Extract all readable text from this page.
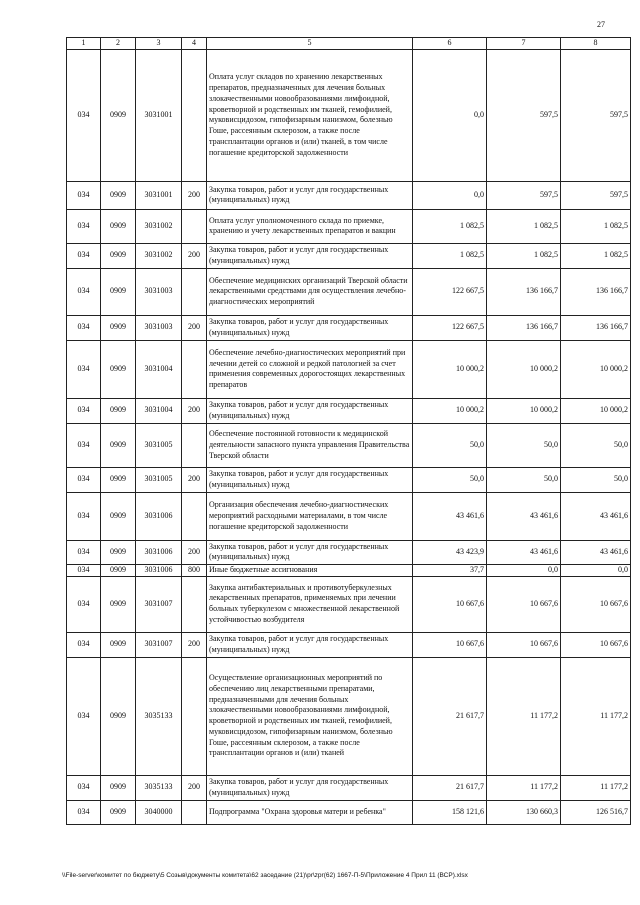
27
1	2	3	4	5	6	7	8
034	0909	3031001		Оплата услуг складов по хранению лекарственных препаратов, предназначенных для лечения больных злокачественными новообразованиями лимфоидной, кроветворной и родственных им тканей, гемофилией, муковисцидозом, гипофизарным нанизмом, болезнью Гоше, рассеянным склерозом, а также после трансплантации органов и (или) тканей, в том числе погашение кредиторской задолженности	0,0	597,5	597,5
034	0909	3031001	200	Закупка товаров, работ и услуг для государственных (муниципальных) нужд	0,0	597,5	597,5
034	0909	3031002		Оплата услуг уполномоченного склада по приемке, хранению и учету лекарственных препаратов и вакцин	1 082,5	1 082,5	1 082,5
034	0909	3031002	200	Закупка товаров, работ и услуг для государственных (муниципальных) нужд	1 082,5	1 082,5	1 082,5
034	0909	3031003		Обеспечение медицинских организаций Тверской области лекарственными средствами для осуществления лечебно-диагностических мероприятий	122 667,5	136 166,7	136 166,7
034	0909	3031003	200	Закупка товаров, работ и услуг для государственных (муниципальных) нужд	122 667,5	136 166,7	136 166,7
034	0909	3031004		Обеспечение лечебно-диагностических мероприятий при лечении детей со сложной и редкой патологией за счет применения современных дорогостоящих лекарственных препаратов	10 000,2	10 000,2	10 000,2
034	0909	3031004	200	Закупка товаров, работ и услуг для государственных (муниципальных) нужд	10 000,2	10 000,2	10 000,2
034	0909	3031005		Обеспечение постоянной готовности к медицинской деятельности запасного пункта управления Правительства Тверской области	50,0	50,0	50,0
034	0909	3031005	200	Закупка товаров, работ и услуг для государственных (муниципальных) нужд	50,0	50,0	50,0
034	0909	3031006		Организация обеспечения лечебно-диагностических мероприятий расходными материалами, в том числе погашение кредиторской задолженности	43 461,6	43 461,6	43 461,6
034	0909	3031006	200	Закупка товаров, работ и услуг для государственных (муниципальных) нужд	43 423,9	43 461,6	43 461,6
034	0909	3031006	800	Иные бюджетные ассигнования	37,7	0,0	0,0
034	0909	3031007		Закупка антибактериальных и противотуберкулезных лекарственных препаратов, применяемых при лечении больных туберкулезом с множественной лекарственной устойчивостью возбудителя	10 667,6	10 667,6	10 667,6
034	0909	3031007	200	Закупка товаров, работ и услуг для государственных (муниципальных) нужд	10 667,6	10 667,6	10 667,6
034	0909	3035133		Осуществление организационных мероприятий по обеспечению лиц лекарственными препаратами, предназначенными для лечения больных злокачественными новообразованиями лимфоидной, кроветворной и родственных им тканей, гемофилией, муковисцидозом, гипофизарным нанизмом, болезнью Гоше, рассеянным склерозом, а также после трансплантации органов и (или) тканей	21 617,7	11 177,2	11 177,2
034	0909	3035133	200	Закупка товаров, работ и услуг для государственных (муниципальных) нужд	21 617,7	11 177,2	11 177,2
034	0909	3040000		Подпрограмма "Охрана здоровья матери и ребенка"	158 121,6	130 660,3	126 516,7
\\File-server\комитет по бюджету\5 Созыв\документы комитета\62 заседание (21)\pr\zpr(62) 1667-П-5\Приложение 4 Прил 11 (ВСР).xlsx
